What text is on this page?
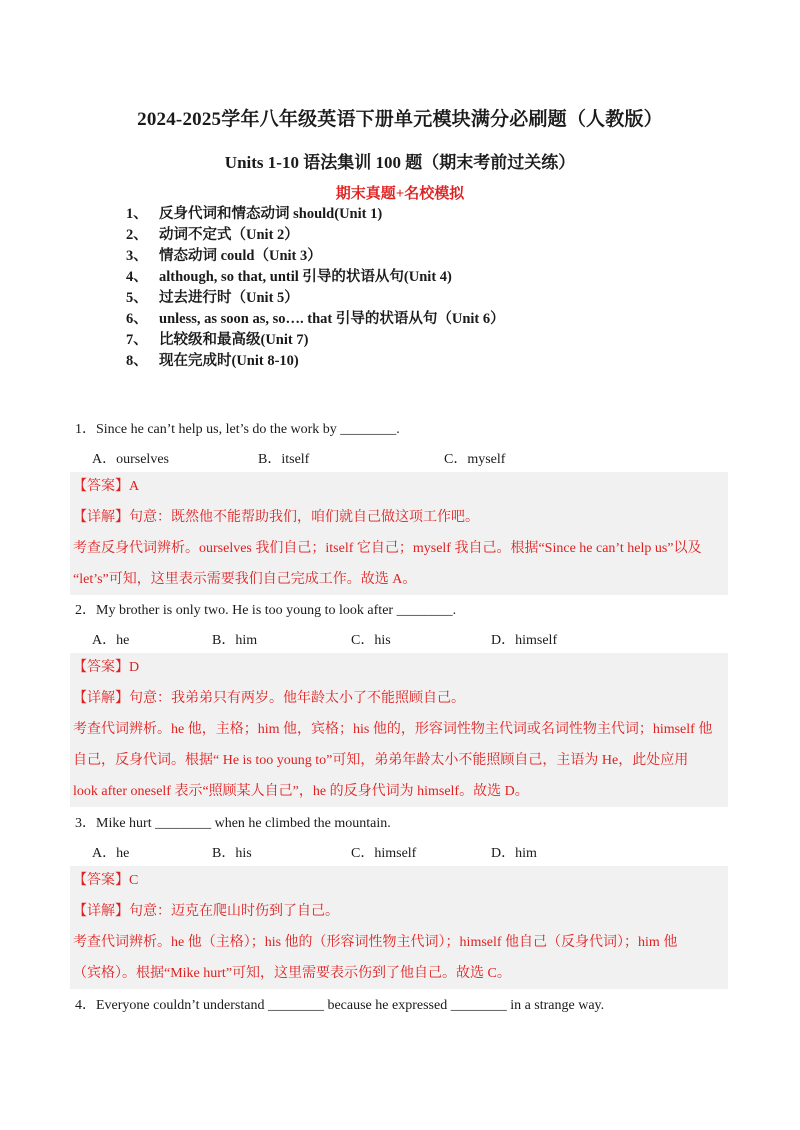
2024-2025学年八年级英语下册单元模块满分必刷题（人教版）
Units 1-10 语法集训 100 题（期末考前过关练）
期末真题+名校模拟
1、 反身代词和情态动词 should(Unit 1)
2、 动词不定式（Unit 2）
3、 情态动词 could（Unit 3）
4、 although, so that, until 引导的状语从句(Unit 4)
5、 过去进行时（Unit 5）
6、 unless, as soon as, so…. that 引导的状语从句（Unit 6）
7、 比较级和最高级(Unit 7)
8、 现在完成时(Unit 8-10)
1．Since he can’t help us, let’s do the work by ________.
A．ourselves	B．itself	C．myself
【答案】A
【详解】句意：既然他不能帮助我们，咱们就自己做这项工作吧。
考查反身代词辨析。ourselves 我们自己；itself 它自己；myself 我自己。根据“Since he can’t help us”以及
“let’s”可知，这里表示需要我们自己完成工作。故选 A。
2．My brother is only two. He is too young to look after ________.
A．he	B．him	C．his	D．himself
【答案】D
【详解】句意：我弟弟只有两岁。他年龄太小了不能照顾自己。
考查代词辨析。he 他，主格；him 他，宾格；his 他的，形容词性物主代词或名词性物主代词；himself 他
自己，反身代词。根据“ He is too young to”可知，弟弟年龄太小不能照顾自己，主语为 He，此处应用
look after oneself 表示“照顾某人自己”，he 的反身代词为 himself。故选 D。
3．Mike hurt ________ when he climbed the mountain.
A．he	B．his	C．himself	D．him
【答案】C
【详解】句意：迈克在爬山时伤到了自己。
考查代词辨析。he 他（主格）；his 他的（形容词性物主代词）；himself 他自己（反身代词）；him 他
（宾格）。根据“Mike hurt”可知，这里需要表示伤到了他自己。故选 C。
4．Everyone couldn’t understand ________ because he expressed ________ in a strange way.
